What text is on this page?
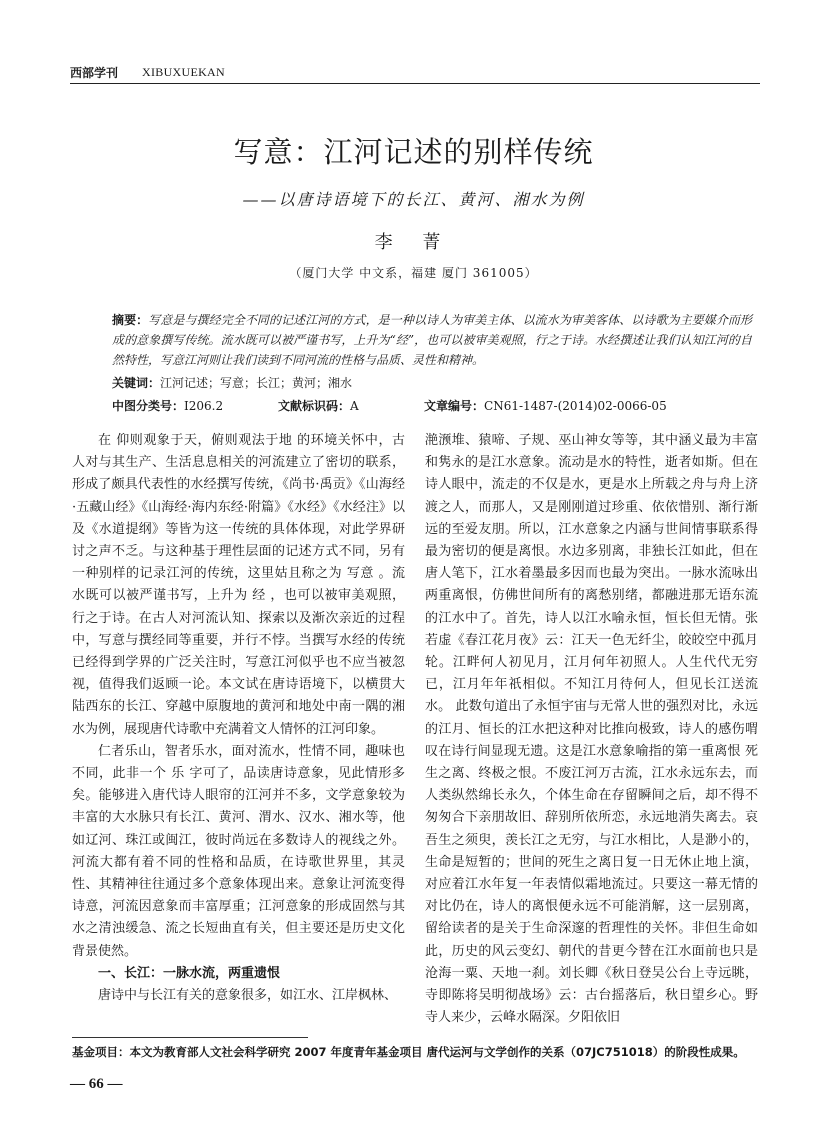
西部学刊 XIBUXUEKAN
写意：江河记述的别样传统
——以唐诗语境下的长江、黄河、湘水为例
李 菁
（厦门大学 中文系，福建 厦门 361005）
摘要：写意是与撰经完全不同的记述江河的方式，是一种以诗人为审美主体、以流水为审美客体、以诗歌为主要媒介而形成的意象撰写传统。流水既可以被严谨书写，上升为“经”，也可以被审美观照，行之于诗。水经撰述让我们认知江河的自然特性，写意江河则让我们读到不同河流的性格与品质、灵性和精神。
关键词：江河记述；写意；长江；黄河；湘水
中图分类号：I206.2	文献标识码：A	文章编号：CN61-1487-(2014)02-0066-05

在 仰则观象于天，俯则观法于地 的环境关怀中，古人对与其生产、生活息息相关的河流建立了密切的联系，形成了颇具代表性的水经撰写传统，《尚书·禹贡》《山海经·五藏山经》《山海经·海内东经·附篇》《水经》《水经注》以及《水道提纲》等皆为这一传统的具体体现，对此学界研讨之声不乏。与这种基于理性层面的记述方式不同，另有一种别样的记录江河的传统，这里姑且称之为 写意 。流水既可以被严谨书写，上升为 经 ，也可以被审美观照，行之于诗。在古人对河流认知、探索以及渐次亲近的过程中，写意与撰经同等重要，并行不悖。当撰写水经的传统已经得到学界的广泛关注时，写意江河似乎也不应当被忽视，值得我们返顾一论。本文试在唐诗语境下，以横贯大陆西东的长江、穿越中原腹地的黄河和地处中南一隅的湘水为例，展现唐代诗歌中充满着文人情怀的江河印象。

仁者乐山，智者乐水，面对流水，性情不同，趣味也不同，此非一个 乐 字可了，品读唐诗意象，见此情形多矣。能够进入唐代诗人眼帘的江河并不多，文学意象较为丰富的大水脉只有长江、黄河、渭水、汉水、湘水等，他如辽河、珠江或闽江，彼时尚远在多数诗人的视线之外。河流大都有着不同的性格和品质，在诗歌世界里，其灵性、其精神往往通过多个意象体现出来。意象让河流变得诗意，河流因意象而丰富厚重；江河意象的形成固然与其水之清浊缓急、流之长短曲直有关，但主要还是历史文化背景使然。

一、长江：一脉水流，两重遗恨

唐诗中与长江有关的意象很多，如江水、江岸枫林、

滟滪堆、猿啼、子规、巫山神女等等，其中涵义最为丰富和隽永的是江水意象。流动是水的特性，逝者如斯。但在诗人眼中，流走的不仅是水，更是水上所载之舟与舟上济渡之人，而那人，又是刚刚道过珍重、依依惜别、渐行渐远的至爱友朋。所以，江水意象之内涵与世间情事联系得最为密切的便是离恨。水边多别离，非独长江如此，但在唐人笔下，江水着墨最多因而也最为突出。一脉水流咏出两重离恨，仿佛世间所有的离愁别绪，都融进那无语东流的江水中了。首先，诗人以江水喻永恒，恒长但无情。张若虚《春江花月夜》云：江天一色无纤尘，皎皎空中孤月轮。江畔何人初见月，江月何年初照人。人生代代无穷已，江月年年祇相似。不知江月待何人，但见长江送流水。 此数句道出了永恒宇宙与无常人世的强烈对比，永远的江月、恒长的江水把这种对比推向极致，诗人的感伤喟叹在诗行间显现无遗。这是江水意象喻指的第一重离恨 死生之离、终极之恨。不废江河万古流，江水永远东去，而人类纵然绵长永久，个体生命在存留瞬间之后，却不得不匆匆合下亲朋故旧、辞别所依所恋，永远地消失离去。哀吾生之须臾，羡长江之无穷，与江水相比，人是渺小的，生命是短暂的；世间的死生之离日复一日无休止地上演，对应着江水年复一年表情似霜地流过。只要这一幕无情的对比仍在，诗人的离恨便永远不可能消解，这一层别离，留给读者的是关于生命深邃的哲理性的关怀。非但生命如此，历史的风云变幻、朝代的昔更今替在江水面前也只是沧海一粟、天地一刹。刘长卿《秋日登吴公台上寺远眺，寺即陈将吴明彻战场》云：古台摇落后，秋日望乡心。野寺人来少，云峰水隔深。夕阳依旧

基金项目：本文为教育部人文社会科学研究 2007 年度青年基金项目 唐代运河与文学创作的关系（07JC751018）的阶段性成果。
— 66 —
